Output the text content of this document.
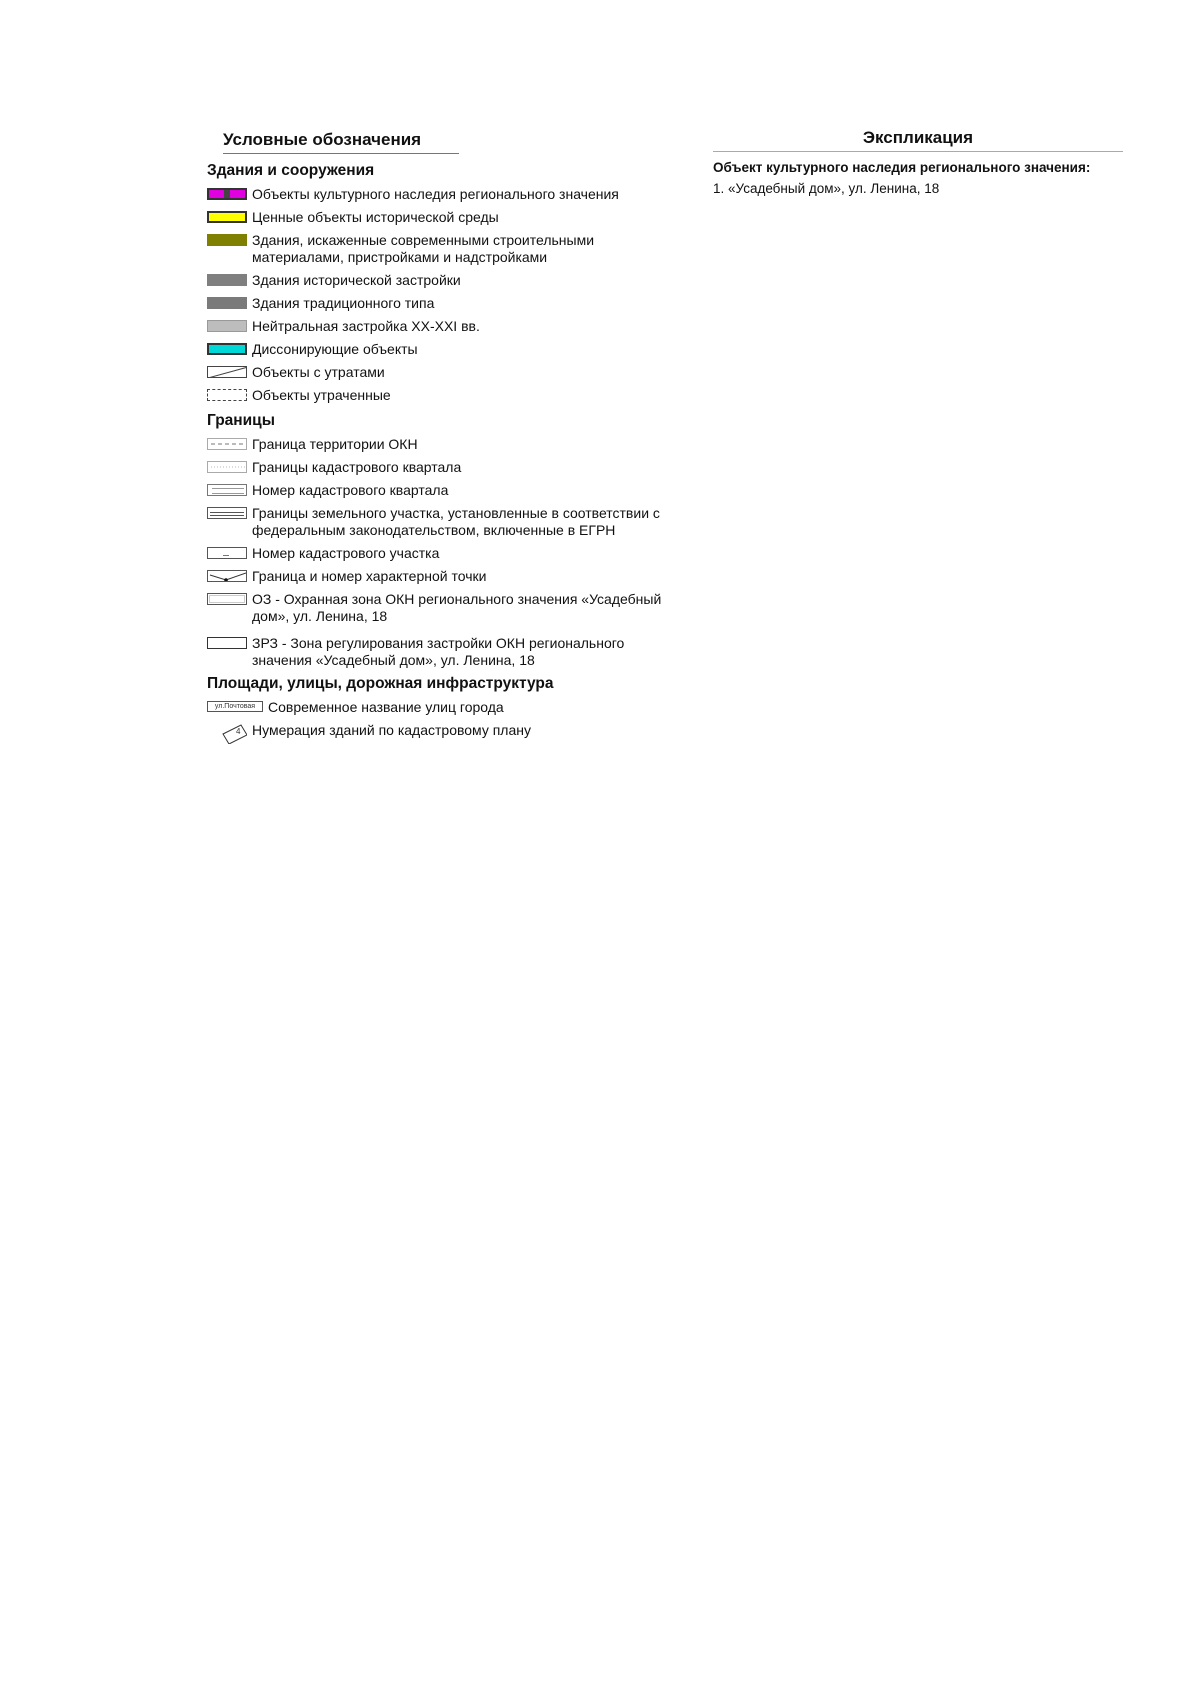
Условные обозначения
Здания и сооружения
Объекты культурного наследия регионального значения
Ценные объекты исторической среды
Здания, искаженные современными строительными материалами, пристройками и надстройками
Здания исторической застройки
Здания традиционного типа
Нейтральная застройка XX-XXI вв.
Диссонирующие объекты
Объекты с утратами
Объекты утраченные
Границы
Граница территории ОКН
Границы кадастрового квартала
Номер кадастрового квартала
Границы земельного участка, установленные в соответствии с федеральным законодательством, включенные в ЕГРН
Номер кадастрового участка
Граница и номер характерной точки
ОЗ - Охранная зона ОКН регионального значения «Усадебный дом», ул. Ленина, 18
ЗРЗ - Зона регулирования застройки ОКН регионального значения «Усадебный дом», ул. Ленина, 18
Площади, улицы, дорожная инфраструктура
ул.Почтовая Современное название улиц города
4 Нумерация зданий по кадастровому плану
Экспликация
Объект культурного наследия регионального значения:
1. «Усадебный дом», ул. Ленина, 18
